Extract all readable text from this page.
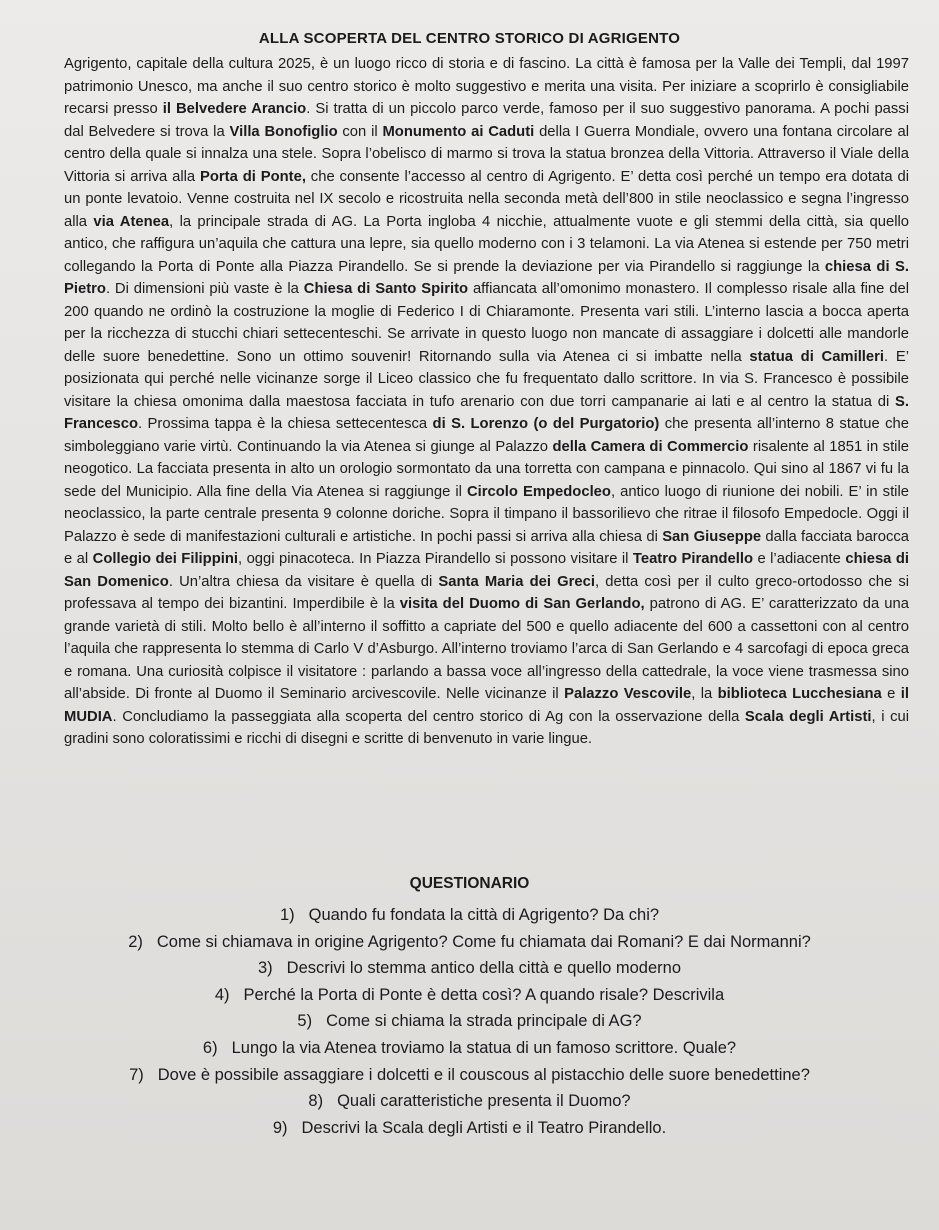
ALLA SCOPERTA DEL CENTRO STORICO DI AGRIGENTO
Agrigento, capitale della cultura 2025, è un luogo ricco di storia e di fascino. La città è famosa per la Valle dei Templi, dal 1997 patrimonio Unesco, ma anche il suo centro storico è molto suggestivo e merita una visita. Per iniziare a scoprirlo è consigliabile recarsi presso il Belvedere Arancio. Si tratta di un piccolo parco verde, famoso per il suo suggestivo panorama. A pochi passi dal Belvedere si trova la Villa Bonofiglio con il Monumento ai Caduti della I Guerra Mondiale, ovvero una fontana circolare al centro della quale si innalza una stele. Sopra l’obelisco di marmo si trova la statua bronzea della Vittoria. Attraverso il Viale della Vittoria si arriva alla Porta di Ponte, che consente l’accesso al centro di Agrigento. E’ detta così perché un tempo era dotata di un ponte levatoio. Venne costruita nel IX secolo e ricostruita nella seconda metà dell’800 in stile neoclassico e segna l’ingresso alla via Atenea, la principale strada di AG. La Porta ingloba 4 nicchie, attualmente vuote e gli stemmi della città, sia quello antico, che raffigura un’aquila che cattura una lepre, sia quello moderno con i 3 telamoni. La via Atenea si estende per 750 metri collegando la Porta di Ponte alla Piazza Pirandello. Se si prende la deviazione per via Pirandello si raggiunge la chiesa di S. Pietro. Di dimensioni più vaste è la Chiesa di Santo Spirito affiancata all’omonimo monastero. Il complesso risale alla fine del 200 quando ne ordinò la costruzione la moglie di Federico I di Chiaramonte. Presenta vari stili. L’interno lascia a bocca aperta per la ricchezza di stucchi chiari settecenteschi. Se arrivate in questo luogo non mancate di assaggiare i dolcetti alle mandorle delle suore benedettine. Sono un ottimo souvenir! Ritornando sulla via Atenea ci si imbatte nella statua di Camilleri. E’ posizionata qui perché nelle vicinanze sorge il Liceo classico che fu frequentato dallo scrittore. In via S. Francesco è possibile visitare la chiesa omonima dalla maestosa facciata in tufo arenario con due torri campanarie ai lati e al centro la statua di S. Francesco. Prossima tappa è la chiesa settecentesca di S. Lorenzo (o del Purgatorio) che presenta all’interno 8 statue che simboleggiano varie virtù. Continuando la via Atenea si giunge al Palazzo della Camera di Commercio risalente al 1851 in stile neogotico. La facciata presenta in alto un orologio sormontato da una torretta con campana e pinnacolo. Qui sino al 1867 vi fu la sede del Municipio. Alla fine della Via Atenea si raggiunge il Circolo Empedocleo, antico luogo di riunione dei nobili. E’ in stile neoclassico, la parte centrale presenta 9 colonne doriche. Sopra il timpano il bassorilievo che ritrae il filosofo Empedocle. Oggi il Palazzo è sede di manifestazioni culturali e artistiche. In pochi passi si arriva alla chiesa di San Giuseppe dalla facciata barocca e al Collegio dei Filippini, oggi pinacoteca. In Piazza Pirandello si possono visitare il Teatro Pirandello e l’adiacente chiesa di San Domenico. Un’altra chiesa da visitare è quella di Santa Maria dei Greci, detta così per il culto greco-ortodosso che si professava al tempo dei bizantini. Imperdibile è la visita del Duomo di San Gerlando, patrono di AG. E’ caratterizzato da una grande varietà di stili. Molto bello è all’interno il soffitto a capriate del 500 e quello adiacente del 600 a cassettoni con al centro l’aquila che rappresenta lo stemma di Carlo V d’Asburgo. All’interno troviamo l’arca di San Gerlando e 4 sarcofagi di epoca greca e romana. Una curiosità colpisce il visitatore : parlando a bassa voce all’ingresso della cattedrale, la voce viene trasmessa sino all’abside. Di fronte al Duomo il Seminario arcivescovile. Nelle vicinanze il Palazzo Vescovile, la biblioteca Lucchesiana e il MUDIA. Concludiamo la passeggiata alla scoperta del centro storico di Ag con la osservazione della Scala degli Artisti, i cui gradini sono coloratissimi e ricchi di disegni e scritte di benvenuto in varie lingue.
QUESTIONARIO
1) Quando fu fondata la città di Agrigento? Da chi?
2) Come si chiamava in origine Agrigento? Come fu chiamata dai Romani? E dai Normanni?
3) Descrivi lo stemma antico della città e quello moderno
4) Perché la Porta di Ponte è detta così? A quando risale? Descrivila
5) Come si chiama la strada principale di AG?
6) Lungo la via Atenea troviamo la statua di un famoso scrittore. Quale?
7) Dove è possibile assaggiare i dolcetti e il couscous al pistacchio delle suore benedettine?
8) Quali caratteristiche presenta il Duomo?
9) Descrivi la Scala degli Artisti e il Teatro Pirandello.
